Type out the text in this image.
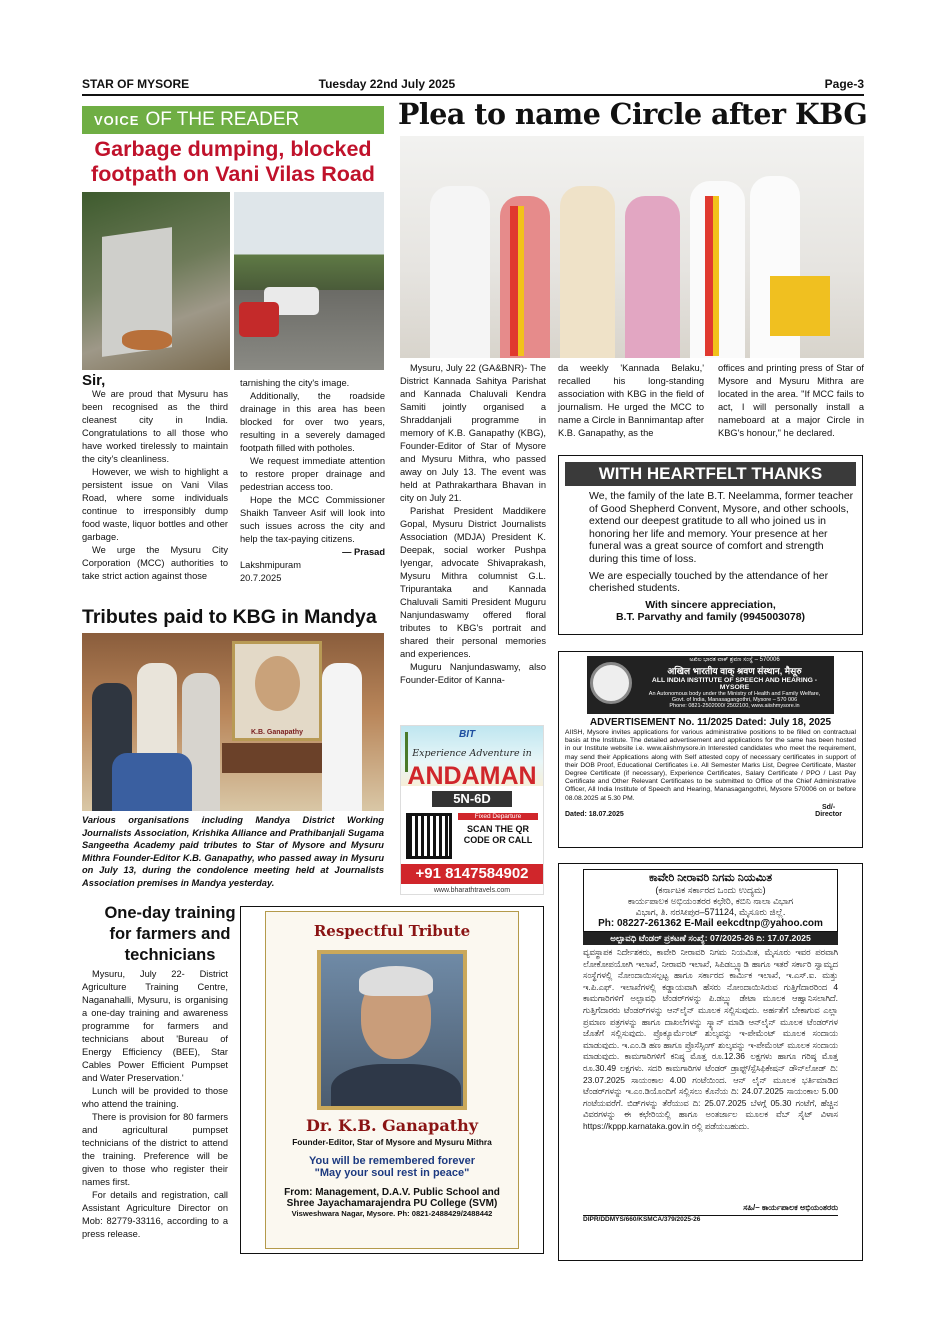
STAR OF MYSORE	Tuesday 22nd July 2025	Page-3
VOICE OF THE READER
Garbage dumping, blocked footpath on Vani Vilas Road
Sir,

We are proud that Mysuru has been recognised as the third cleanest city in India. Congratulations to all those who have worked tirelessly to maintain the city's cleanliness.

However, we wish to highlight a persistent issue on Vani Vilas Road, where some individuals continue to irresponsibly dump food waste, liquor bottles and other garbage.

We urge the Mysuru City Corporation (MCC) authorities to take strict action against those

tarnishing the city's image.

Additionally, the roadside drainage in this area has been blocked for over two years, resulting in a severely damaged footpath filled with potholes.

We request immediate attention to restore proper drainage and pedestrian access too.

Hope the MCC Commissioner Shaikh Tanveer Asif will look into such issues across the city and help the tax-paying citizens.

— Prasad
Lakshmipuram
20.7.2025
Plea to name Circle after KBG

Mysuru, July 22 (GA&BNR)- The District Kannada Sahitya Parishat and Kannada Chaluvali Kendra Samiti jointly organised a Shraddanjali programme in memory of K.B. Ganapathy (KBG), Founder-Editor of Star of Mysore and Mysuru Mithra, who passed away on July 13. The event was held at Pathrakarthara Bhavan in city on July 21.

Parishat President Maddikere Gopal, Mysuru District Journalists Association (MDJA) President K. Deepak, social worker Pushpa Iyengar, advocate Shivaprakash, Mysuru Mithra columnist G.L. Tripurantaka and Kannada Chaluvali Samiti President Muguru Nanjundaswamy offered floral tributes to KBG's portrait and shared their personal memories and experiences.

Muguru Nanjundaswamy, also Founder-Editor of Kanna-

da weekly 'Kannada Belaku,' recalled his long-standing association with KBG in the field of journalism. He urged the MCC to name a Circle in Bannimantap after K.B. Ganapathy, as the

offices and printing press of Star of Mysore and Mysuru Mithra are located in the area. "If MCC fails to act, I will personally install a nameboard at a major Circle in KBG's honour," he declared.

WITH HEARTFELT THANKS
We, the family of the late B.T. Neelamma, former teacher of Good Shepherd Convent, Mysore, and other schools, extend our deepest gratitude to all who joined us in honoring her life and memory. Your presence at her funeral was a great source of comfort and strength during this time of loss.
We are especially touched by the attendance of her cherished students.
With sincere appreciation,
B.T. Parvathy and family (9945003078)
Tributes paid to KBG in Mandya
K.B. Ganapathy
Various organisations including Mandya District Working Journalists Association, Krishika Alliance and Prathibanjali Sugama Sangeetha Academy paid tributes to Star of Mysore and Mysuru Mithra Founder-Editor K.B. Ganapathy, who passed away in Mysuru on July 13, during the condolence meeting held at Journalists Association premises in Mandya yesterday.
BIT
Experience Adventure in
ANDAMAN
5N-6D
Fixed Departure
SCAN THE QR CODE OR CALL
+91 8147584902
www.bharathtravels.com
ಅಖಿಲ ಭಾರತ ವಾಕ್ ಶ್ರವಣ ಸಂಸ್ಥೆ – 570006
अखिल भारतीय वाक् श्रवण संस्थान, मैसूरु
ALL INDIA INSTITUTE OF SPEECH AND HEARING - MYSORE
An Autonomous body under the Ministry of Health and Family Welfare,
Govt. of India, Manasagangothri, Mysore – 570 006
Phone: 0821-2502000/ 2502100, www.aiishmysore.in
ADVERTISEMENT No. 11/2025 Dated: July 18, 2025
AIISH, Mysore invites applications for various administrative positions to be filled on contractual basis at the Institute. The detailed advertisement and applications for the same has been hosted in our Institute website i.e. www.aiishmysore.in Interested candidates who meet the requirement, may send their Applications along with Self attested copy of necessary certificates in support of their DOB Proof, Educational Certificates i.e. All Semester Marks List, Degree Certificate, Master Degree Certificate (if necessary), Experience Certificates, Salary Certificate / PPO / Last Pay Certificate and Other Relevant Certificates to be submitted to Office of the Chief Administrative Officer, All India Institute of Speech and Hearing, Manasagangothri, Mysore 570006 on or before 08.08.2025 at 5.30 PM.
Dated: 18.07.2025
Sd/-
Director
One-day training for farmers and technicians

Mysuru, July 22- District Agriculture Training Centre, Naganahalli, Mysuru, is organising a one-day training and awareness programme for farmers and technicians about 'Bureau of Energy Efficiency (BEE), Star Cables Power Efficient Pumpset and Water Preservation.'

Lunch will be provided to those who attend the training.

There is provision for 80 farmers and agricultural pumpset technicians of the district to attend the training. Preference will be given to those who register their names first.

For details and registration, call Assistant Agriculture Director on Mob: 82779-33116, according to a press release.

Respectful Tribute
Dr. K.B. Ganapathy
Founder-Editor, Star of Mysore and Mysuru Mithra
You will be remembered forever
"May your soul rest in peace"
From: Management, D.A.V. Public School and
Shree Jayachamarajendra PU College (SVM)
Visweshwara Nagar, Mysore. Ph: 0821-2488429/2488442
ಕಾವೇರಿ ನೀರಾವರಿ ನಿಗಮ ನಿಯಮಿತ
(ಕರ್ನಾಟಕ ಸರ್ಕಾರದ ಒಂದು ಉದ್ಯಮ)
ಕಾರ್ಯಪಾಲಕ ಅಭಿಯಂತರರ ಕಛೇರಿ, ಕಬಿನಿ ನಾಲಾ ವಿಭಾಗ
ವಿಭಾಗ, ತಿ. ನರಸೀಪುರ–571124, ಮೈಸೂರು ಜಿಲ್ಲೆ.
Ph: 08227-261362 E-Mail eekcdtnp@yahoo.com
ಅಲ್ಪಾವಧಿ ಟೆಂಡರ್ ಪ್ರಕಟಣೆ ಸಂಖ್ಯೆ: 07/2025-26 ದಿ: 17.07.2025
ವ್ಯವಸ್ಥಾಪಕ ನಿರ್ದೇಶಕರು, ಕಾವೇರಿ ನೀರಾವರಿ ನಿಗಮ ನಿಯಮಿತ, ಮೈಸೂರು ಇವರ ಪರವಾಗಿ ಲೋಕೋಪಯೋಗಿ ಇಲಾಖೆ, ನೀರಾವರಿ ಇಲಾಖೆ, ಸಿಪಿಡಬ್ಲ್ಯೂಡಿ ಹಾಗೂ ಇತರೆ ಸರ್ಕಾರಿ ಸ್ವಾಮ್ಯದ ಸಂಸ್ಥೆಗಳಲ್ಲಿ ನೋಂದಾಯಿಸಲ್ಪಟ್ಟ ಹಾಗೂ ಸರ್ಕಾರದ ಕಾರ್ಮಿಕ ಇಲಾಖೆ, ಇ.ಎಸ್.ಐ. ಮತ್ತು ಇ.ಪಿ.ಎಫ್. ಇಲಾಖೆಗಳಲ್ಲಿ ಕಡ್ಡಾಯವಾಗಿ ಹೆಸರು ನೋಂದಾಯಿಸಿರುವ ಗುತ್ತಿಗೆದಾರರಿಂದ 4 ಕಾಮಗಾರಿಗಳಿಗೆ ಅಲ್ಪಾವಧಿ ಟೆಂಡರ್‌ಗಳನ್ನು ಪಿ.ಡಬ್ಲ್ಯು ಡೇಟಾ ಮೂಲಕ ಆಹ್ವಾನಿಸಲಾಗಿದೆ. ಗುತ್ತಿಗೆದಾರರು ಟೆಂಡರ್‌ಗಳನ್ನು ಆನ್‌ಲೈನ್ ಮೂಲಕ ಸಲ್ಲಿಸುವುದು. ಅರ್ಹತೆಗೆ ಬೇಕಾಗುವ ಎಲ್ಲಾ ಪ್ರಮಾಣ ಪತ್ರಗಳನ್ನು ಹಾಗೂ ದಾಖಲೆಗಳನ್ನು ಸ್ಕ್ಯಾನ್ ಮಾಡಿ ಆನ್‌ಲೈನ್ ಮೂಲಕ ಟೆಂಡರ್‌ಗಳ ಜೊತೆಗೆ ಸಲ್ಲಿಸುವುದು. ಪ್ರೊಕ್ಯೂರ್ಮೆಂಟ್ ಶುಲ್ಕವನ್ನು ಇ-ಪೇಮೆಂಟ್ ಮೂಲಕ ಸಂದಾಯ ಮಾಡುವುದು. ಇ.ಎಂ.ಡಿ ಹಣ ಹಾಗೂ ಪ್ರೊಸೆಸ್ಸಿಂಗ್ ಶುಲ್ಕವನ್ನು ಇ-ಪೇಮೆಂಟ್ ಮೂಲಕ ಸಂದಾಯ ಮಾಡುವುದು. ಕಾಮಗಾರಿಗಳಿಗೆ ಕನಿಷ್ಠ ಮೊತ್ತ ರೂ.12.36 ಲಕ್ಷಗಳು ಹಾಗೂ ಗರಿಷ್ಠ ಮೊತ್ತ ರೂ.30.49 ಲಕ್ಷಗಳು. ಸದರಿ ಕಾಮಗಾರಿಗಳ ಟೆಂಡರ್ ಡ್ರಾಫ್ಟ್/ಸ್ಪೆಸಿಫಿಕೇಷನ್ ಡೌನ್‌ಲೋಡ್ ದಿ: 23.07.2025 ಸಾಯಂಕಾಲ 4.00 ಗಂಟೆಯಿಂದ. ಆನ್ ಲೈನ್ ಮೂಲಕ ಭರ್ತಿಮಾಡಿದ ಟೆಂಡರ್‌ಗಳನ್ನು ಇ.ಎಂ.ಡಿಯೊಂದಿಗೆ ಸಲ್ಲಿಸಲು ಕೊನೆಯ ದಿ: 24.07.2025 ಸಾಯಂಕಾಲ 5.00 ಗಂಟೆಯವರೆಗೆ. ಬಿಡ್‌ಗಳನ್ನು ತೆರೆಯುವ ದಿ: 25.07.2025 ಬೆಳಗ್ಗೆ 05.30 ಗಂಟೆಗೆ, ಹೆಚ್ಚಿನ ವಿವರಗಳನ್ನು ಈ ಕಛೇರಿಯಲ್ಲಿ ಹಾಗೂ ಅಂತರ್ಜಾಲ ಮೂಲಕ ವೆಬ್ ಸೈಟ್ ವಿಳಾಸ https://kppp.karnataka.gov.in ರಲ್ಲಿ ಪಡೆಯಬಹುದು.
ಸಹಿ/– ಕಾರ್ಯಪಾಲಕ ಅಭಿಯಂತರರು
DIPR/DDMYS/660/KSMCA/379/2025-26
